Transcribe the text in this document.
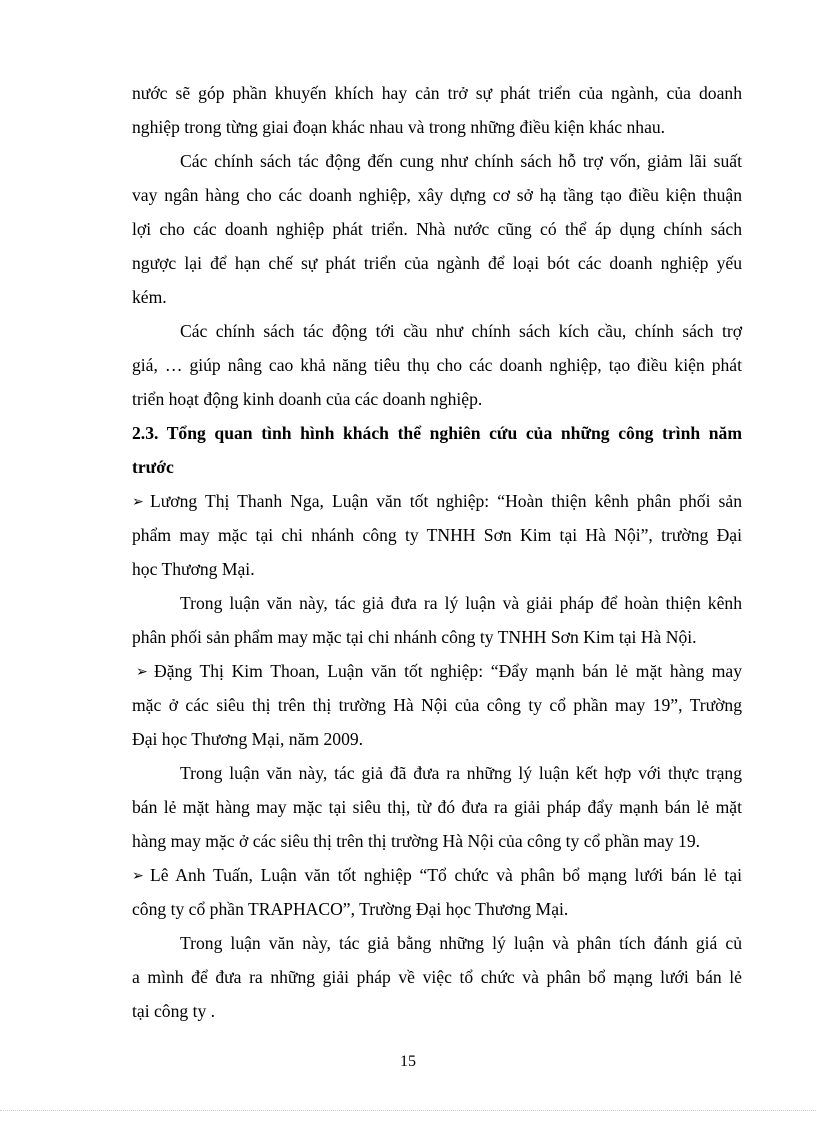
nước sẽ góp phần khuyến khích hay cản trở sự phát triển của ngành, của doanh
nghiệp trong từng giai đoạn khác nhau và trong những điều kiện khác nhau.
Các chính sách tác động đến cung như chính sách hỗ trợ vốn, giảm lãi suất
vay ngân hàng cho các doanh nghiệp, xây dựng cơ sở hạ tầng tạo điều kiện thuận
lợi cho các doanh nghiệp phát triển. Nhà nước cũng có thể áp dụng chính sách
ngược lại để hạn chế sự phát triển của ngành để loại bót các doanh nghiệp yếu
kém.
Các chính sách tác động tới cầu như chính sách kích cầu, chính sách trợ
giá, … giúp nâng cao khả năng tiêu thụ cho các doanh nghiệp, tạo điều kiện phát
triển hoạt động kinh doanh của các doanh nghiệp.
2.3. Tổng quan tình hình khách thể nghiên cứu của những công trình năm
trước
➢ Lương Thị Thanh Nga, Luận văn tốt nghiệp: “Hoàn thiện kênh phân phối sản
phẩm may mặc tại chi nhánh công ty TNHH Sơn Kim tại Hà Nội”, trường Đại
học Thương Mại.
Trong luận văn này, tác giả đưa ra lý luận và giải pháp để hoàn thiện kênh
phân phối sản phẩm may mặc tại chi nhánh công ty TNHH Sơn Kim tại Hà Nội.
➢ Đặng Thị Kim Thoan, Luận văn tốt nghiệp: “Đẩy mạnh bán lẻ mặt hàng may
mặc ở các siêu thị trên thị trường Hà Nội của công ty cổ phần may 19”, Trường
Đại học Thương Mại, năm 2009.
Trong luận văn này, tác giả đã đưa ra những lý luận kết hợp với thực trạng
bán lẻ mặt hàng may mặc tại siêu thị, từ đó đưa ra giải pháp đẩy mạnh bán lẻ mặt
hàng may mặc ở các siêu thị trên thị trường Hà Nội của công ty cổ phần may 19.
➢ Lê Anh Tuấn, Luận văn tốt nghiệp “Tổ chức và phân bổ mạng lưới bán lẻ tại
công ty cổ phần TRAPHACO”, Trường Đại học Thương Mại.
Trong luận văn này, tác giả bằng những lý luận và phân tích đánh giá củ
a mình để đưa ra những giải pháp về việc tổ chức và phân bổ mạng lưới bán lẻ
tại công ty .
15
